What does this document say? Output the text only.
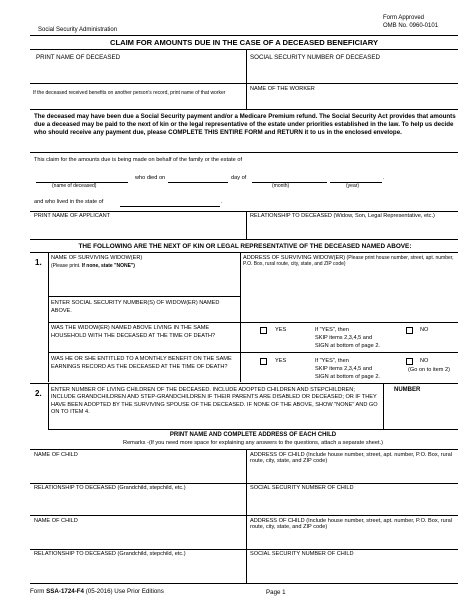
Social Security Administration
Form Approved
OMB No. 0960-0101
CLAIM FOR AMOUNTS DUE IN THE CASE OF A DECEASED BENEFICIARY
PRINT NAME OF DECEASED	SOCIAL SECURITY NUMBER OF DECEASED
If the deceased received benefits on another person's record, print name of that worker
NAME OF THE WORKER
The deceased may have been due a Social Security payment and/or a Medicare Premium refund. The Social Security Act provides that amounts due a deceased may be paid to the next of kin or the legal representative of the estate under priorities established in the law. To help us decide who should receive any payment due, please COMPLETE THIS ENTIRE FORM and RETURN it to us in the enclosed envelope.
This claim for the amounts due is being made on behalf of the family or the estate of
who died on	day of	.
(name of deceased)	(month)	(year)
and who lived in the state of	.
PRINT NAME OF APPLICANT	RELATIONSHIP TO DECEASED (Widow, Son, Legal Representative, etc.)
THE FOLLOWING ARE THE NEXT OF KIN OR LEGAL REPRESENTATIVE OF THE DECEASED NAMED ABOVE:
1. NAME OF SURVIVING WIDOW(ER)
(Please print. If none, state "NONE")
ADDRESS OF SURVIVING WIDOW(ER) (Please print house number, street, apt. number, P.O. Box, rural route, city, state, and ZIP code)
ENTER SOCIAL SECURITY NUMBER(S) OF WIDOW(ER) NAMED ABOVE.
WAS THE WIDOW(ER) NAMED ABOVE LIVING IN THE SAME HOUSEHOLD WITH THE DECEASED AT THE TIME OF DEATH?
YES	If "YES", then
SKIP items 2,3,4,5 and
SIGN at bottom of page 2.
NO
WAS HE OR SHE ENTITLED TO A MONTHLY BENEFIT ON THE SAME EARNINGS RECORD AS THE DECEASED AT THE TIME OF DEATH?
YES	If "YES", then
SKIP items 2,3,4,5 and
SIGN at bottom of page 2.
NO
(Go on to item 2)
2. ENTER NUMBER OF LIVING CHILDREN OF THE DECEASED. INCLUDE ADOPTED CHILDREN AND STEPCHILDREN; INCLUDE GRANDCHILDREN AND STEP-GRANDCHILDREN IF THEIR PARENTS ARE DISABLED OR DECEASED; OR IF THEY HAVE BEEN ADOPTED BY THE SURVIVING SPOUSE OF THE DECEASED. IF NONE OF THE ABOVE, SHOW "NONE" AND GO ON TO ITEM 4.
NUMBER
PRINT NAME AND COMPLETE ADDRESS OF EACH CHILD
Remarks -(If you need more space for explaining any answers to the questions, attach a separate sheet.)
NAME OF CHILD	ADDRESS OF CHILD (Include house number, street, apt. number, P.O. Box, rural route, city, state, and ZIP code)
RELATIONSHIP TO DECEASED (Grandchild, stepchild, etc.)	SOCIAL SECURITY NUMBER OF CHILD
NAME OF CHILD	ADDRESS OF CHILD (Include house number, street, apt. number, P.O. Box, rural route, city, state, and ZIP code)
RELATIONSHIP TO DECEASED (Grandchild, stepchild, etc.)	SOCIAL SECURITY NUMBER OF CHILD
Form SSA-1724-F4 (05-2016) Use Prior Editions	Page 1
